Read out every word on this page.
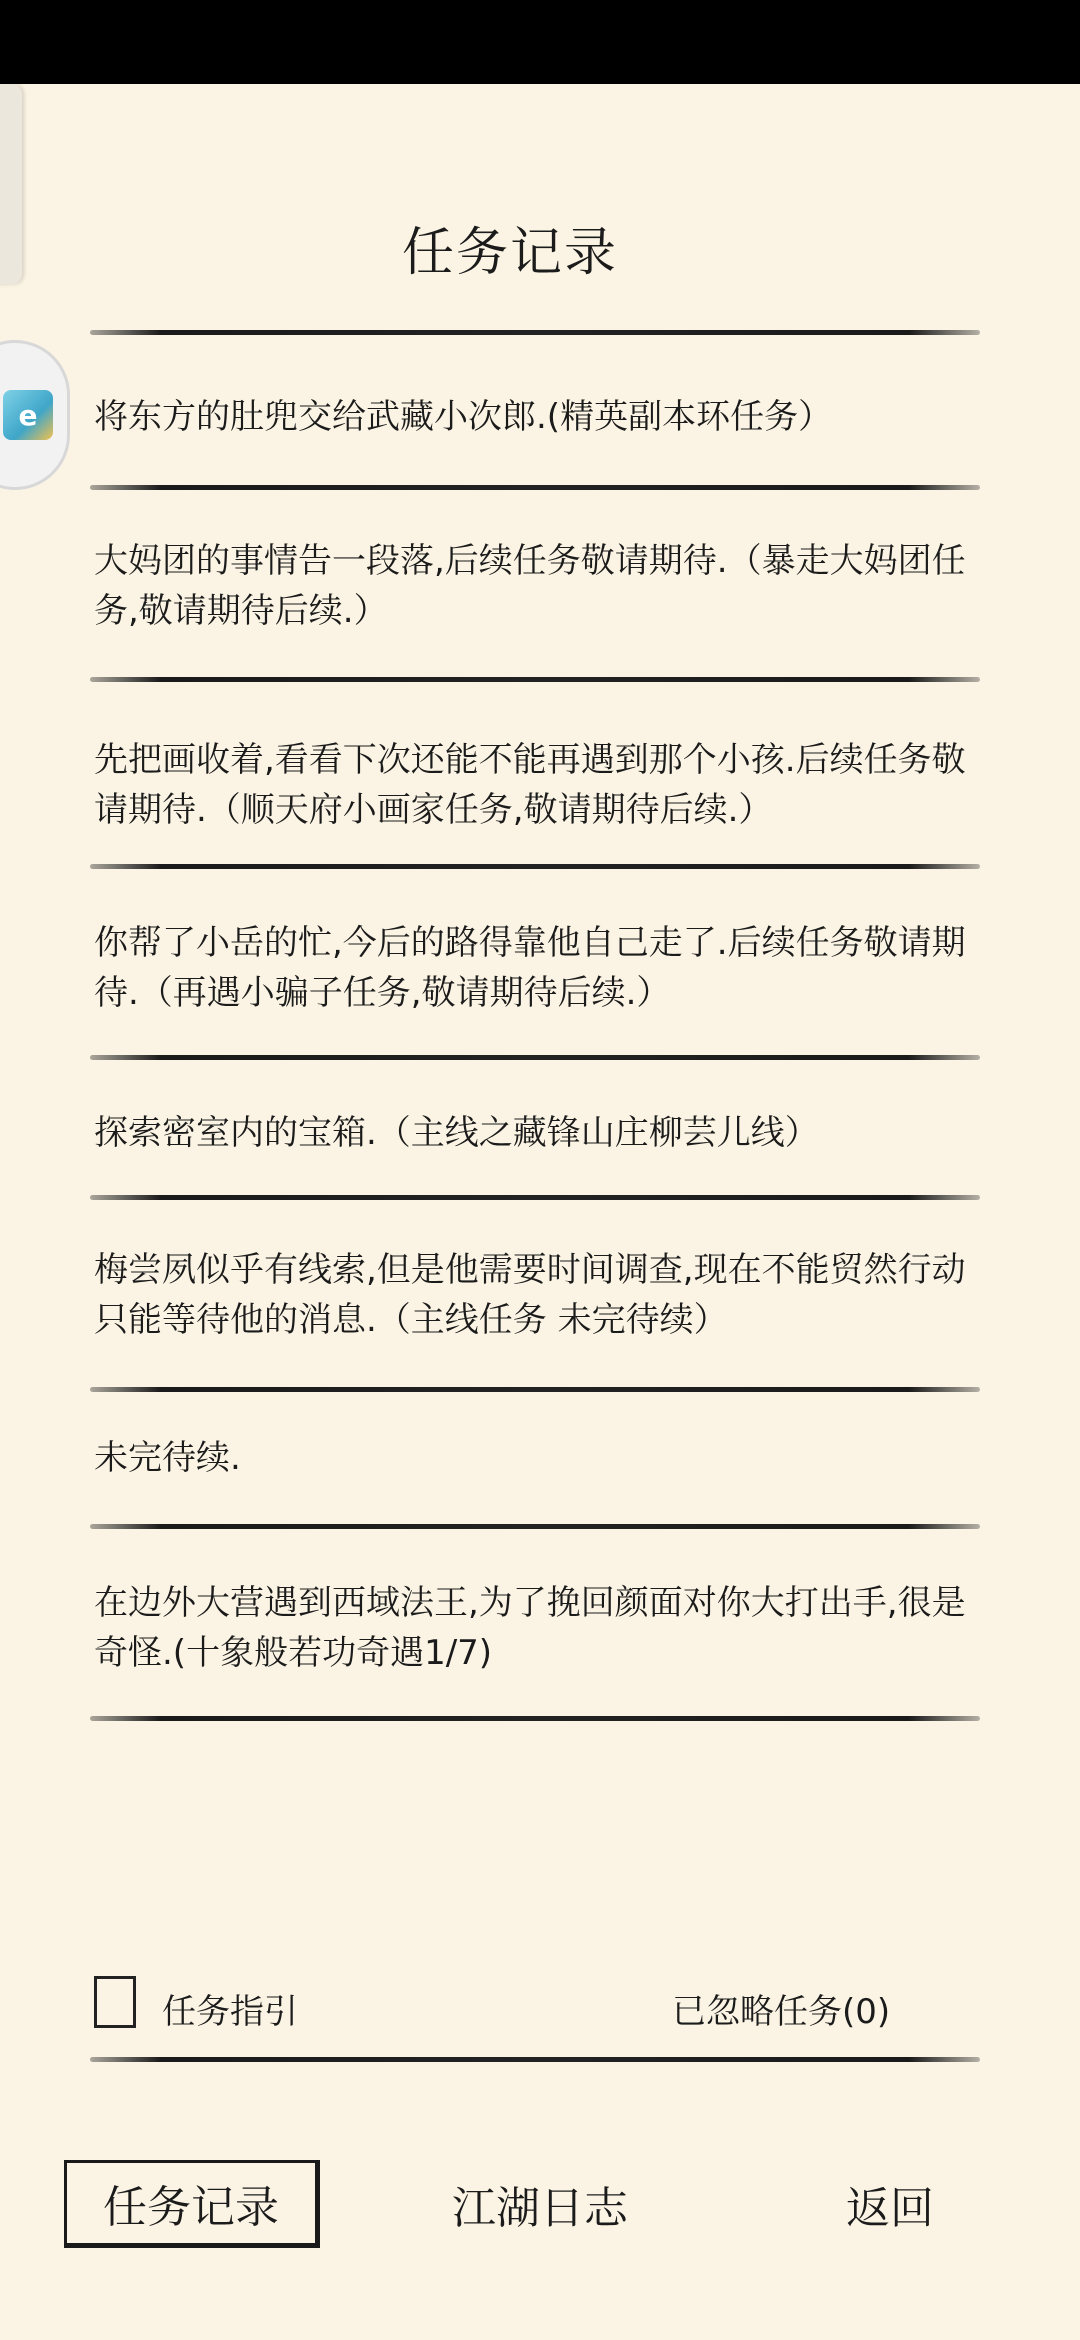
e
任务记录
将东方的肚兜交给武藏小次郎.(精英副本环任务）
大妈团的事情告一段落,后续任务敬请期待.（暴走大妈团任务,敬请期待后续.）
先把画收着,看看下次还能不能再遇到那个小孩.后续任务敬请期待.（顺天府小画家任务,敬请期待后续.）
你帮了小岳的忙,今后的路得靠他自己走了.后续任务敬请期待.（再遇小骗子任务,敬请期待后续.）
探索密室内的宝箱.（主线之藏锋山庄柳芸儿线）
梅尝夙似乎有线索,但是他需要时间调查,现在不能贸然行动只能等待他的消息.（主线任务 未完待续）
未完待续.
在边外大营遇到西域法王,为了挽回颜面对你大打出手,很是奇怪.(十象般若功奇遇1/7)
任务指引	已忽略任务(0)
任务记录	江湖日志	返回
